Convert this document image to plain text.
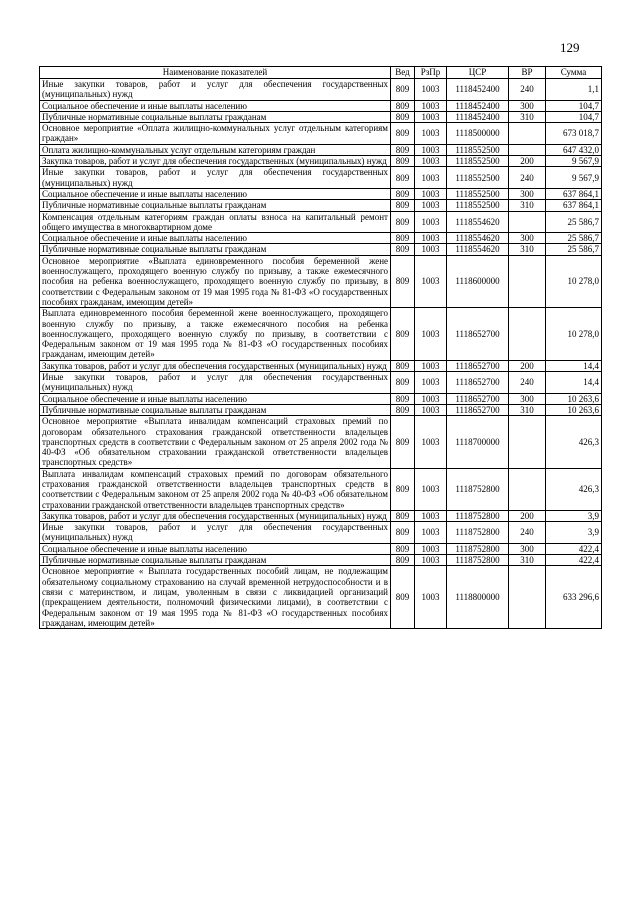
129
Наименование показателей	Вед	РзПр	ЦСР	ВР	Сумма
Иные закупки товаров, работ и услуг для обеспечения государственных (муниципальных) нужд	809	1003	1118452400	240	1,1
Социальное обеспечение и иные выплаты населению	809	1003	1118452400	300	104,7
Публичные нормативные социальные выплаты гражданам	809	1003	1118452400	310	104,7
Основное мероприятие «Оплата жилищно-коммунальных услуг отдельным категориям граждан»	809	1003	1118500000		673 018,7
Оплата жилищно-коммунальных услуг отдельным категориям граждан	809	1003	1118552500		647 432,0
Закупка товаров, работ и услуг для обеспечения государственных (муниципальных) нужд	809	1003	1118552500	200	9 567,9
Иные закупки товаров, работ и услуг для обеспечения государственных (муниципальных) нужд	809	1003	1118552500	240	9 567,9
Социальное обеспечение и иные выплаты населению	809	1003	1118552500	300	637 864,1
Публичные нормативные социальные выплаты гражданам	809	1003	1118552500	310	637 864,1
Компенсация отдельным категориям граждан оплаты взноса на капитальный ремонт общего имущества в многоквартирном доме	809	1003	1118554620		25 586,7
Социальное обеспечение и иные выплаты населению	809	1003	1118554620	300	25 586,7
Публичные нормативные социальные выплаты гражданам	809	1003	1118554620	310	25 586,7
Основное мероприятие «Выплата единовременного пособия беременной жене военнослужащего, проходящего военную службу по призыву, а также ежемесячного пособия на ребенка военнослужащего, проходящего военную службу по призыву, в соответствии с Федеральным законом от 19 мая 1995 года № 81-ФЗ «О государственных пособиях гражданам, имеющим детей»	809	1003	1118600000		10 278,0
Выплата единовременного пособия беременной жене военнослужащего, проходящего военную службу по призыву, а также ежемесячного пособия на ребенка военнослужащего, проходящего военную службу по призыву, в соответствии с Федеральным законом от 19 мая 1995 года № 81-ФЗ «О государственных пособиях гражданам, имеющим детей»	809	1003	1118652700		10 278,0
Закупка товаров, работ и услуг для обеспечения государственных (муниципальных) нужд	809	1003	1118652700	200	14,4
Иные закупки товаров, работ и услуг для обеспечения государственных (муниципальных) нужд	809	1003	1118652700	240	14,4
Социальное обеспечение и иные выплаты населению	809	1003	1118652700	300	10 263,6
Публичные нормативные социальные выплаты гражданам	809	1003	1118652700	310	10 263,6
Основное мероприятие «Выплата инвалидам компенсаций страховых премий по договорам обязательного страхования гражданской ответственности владельцев транспортных средств в соответствии с Федеральным законом от 25 апреля 2002 года № 40-ФЗ «Об обязательном страховании гражданской ответственности владельцев транспортных средств»	809	1003	1118700000		426,3
Выплата инвалидам компенсаций страховых премий по договорам обязательного страхования гражданской ответственности владельцев транспортных средств в соответствии с Федеральным законом от 25 апреля 2002 года № 40-ФЗ «Об обязательном страховании гражданской ответственности владельцев транспортных средств»	809	1003	1118752800		426,3
Закупка товаров, работ и услуг для обеспечения государственных (муниципальных) нужд	809	1003	1118752800	200	3,9
Иные закупки товаров, работ и услуг для обеспечения государственных (муниципальных) нужд	809	1003	1118752800	240	3,9
Социальное обеспечение и иные выплаты населению	809	1003	1118752800	300	422,4
Публичные нормативные социальные выплаты гражданам	809	1003	1118752800	310	422,4
Основное мероприятие « Выплата государственных пособий лицам, не подлежащим обязательному социальному страхованию на случай временной нетрудоспособности и в связи с материнством, и лицам, уволенным в связи с ликвидацией организаций (прекращением деятельности, полномочий физическими лицами), в соответствии с Федеральным законом от 19 мая 1995 года № 81-ФЗ «О государственных пособиях гражданам, имеющим детей»	809	1003	1118800000		633 296,6
